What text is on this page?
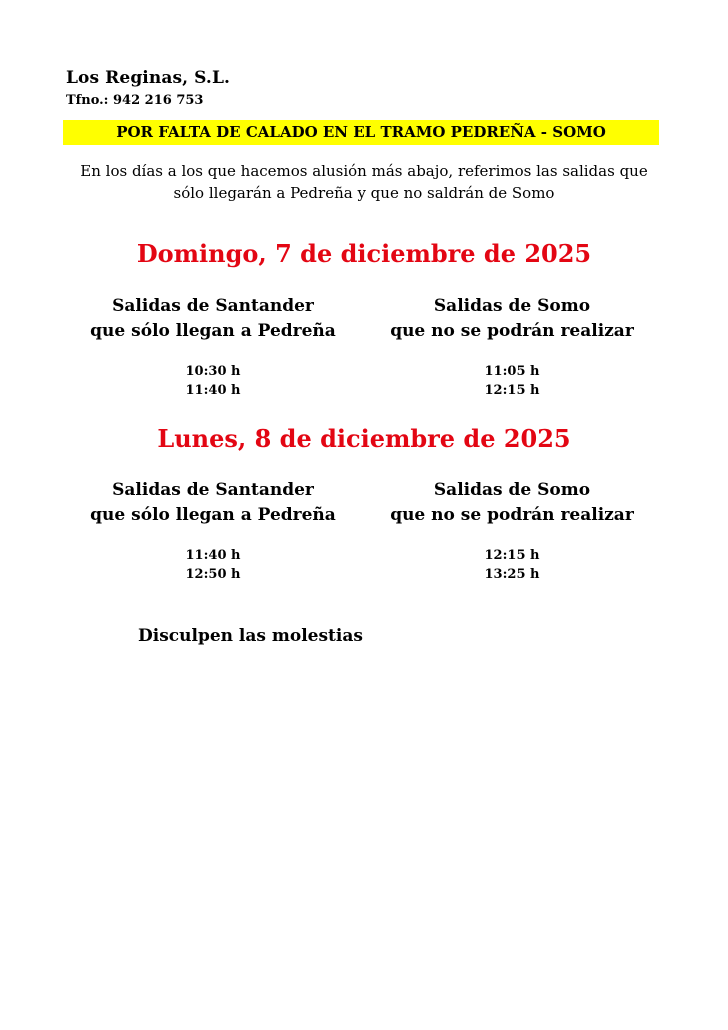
Los Reginas, S.L.
Tfno.: 942 216 753
POR FALTA DE CALADO EN EL TRAMO PEDREÑA - SOMO

En los días a los que hacemos alusión más abajo, referimos las salidas que

sólo llegarán a Pedreña y que no saldrán de Somo

Domingo, 7 de diciembre de 2025

Salidas de Santander

que sólo llegan a Pedreña

Salidas de Somo

que no se podrán realizar

10:30 h
11:40 h
11:05 h
12:15 h
Lunes, 8 de diciembre de 2025

Salidas de Santander

que sólo llegan a Pedreña

Salidas de Somo

que no se podrán realizar

11:40 h
12:50 h
12:15 h
13:25 h
Disculpen las molestias
